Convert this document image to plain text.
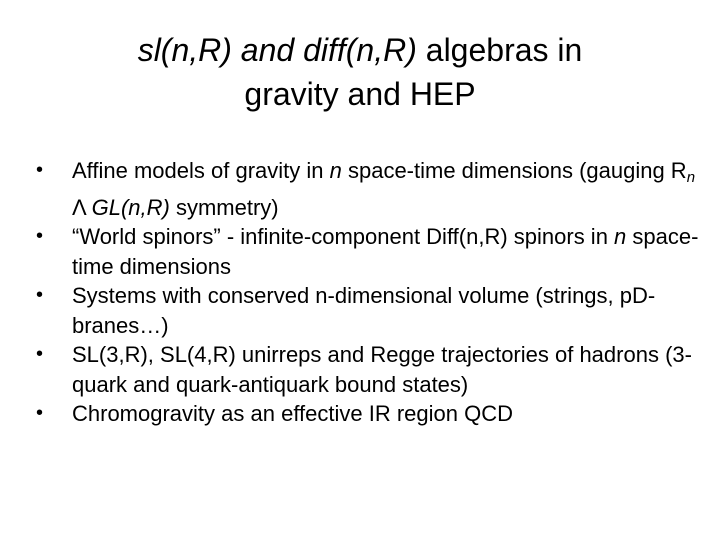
sl(n,R) and diff(n,R) algebras in
gravity and HEP
•	Affine models of gravity in n space-time dimensions (gauging $R_n$ Λ GL(n,R) symmetry)
•	“World spinors” - infinite-component Diff(n,R) spinors in n space-time dimensions
•	Systems with conserved n-dimensional volume (strings, pD-branes…)
•	SL(3,R), SL(4,R) unirreps and Regge trajectories of hadrons (3-quark and quark-antiquark bound states)
•	Chromogravity as an effective IR region QCD
